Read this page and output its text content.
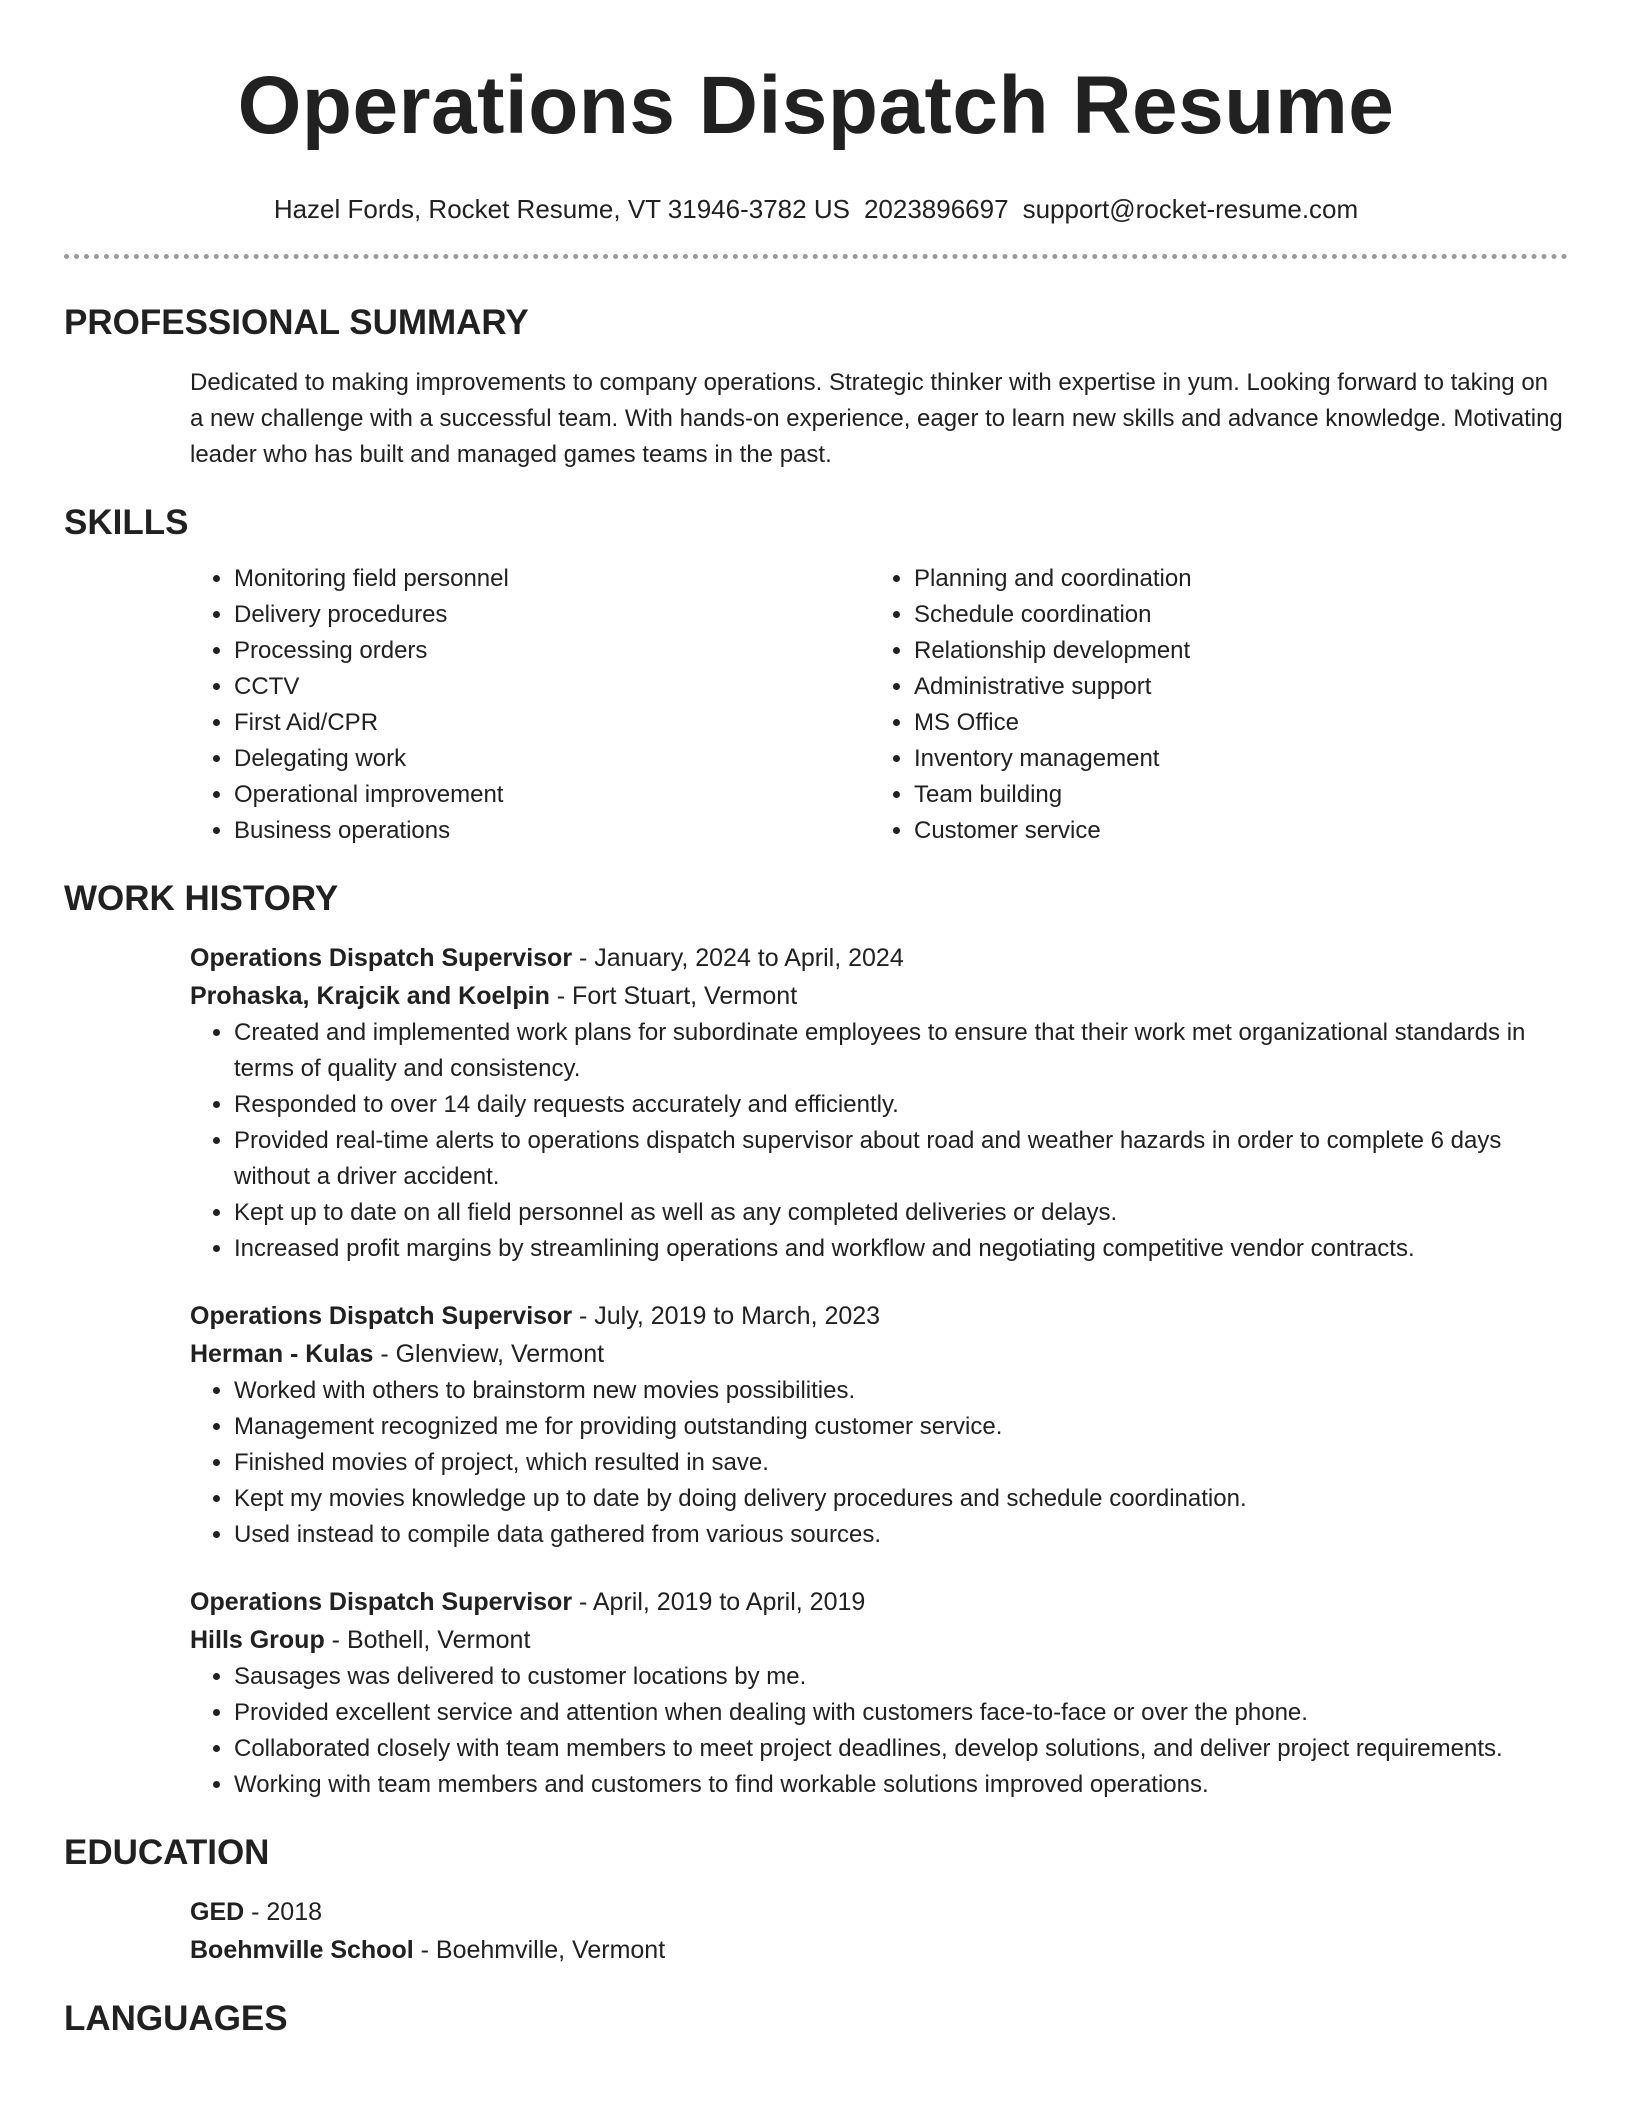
Operations Dispatch Resume
Hazel Fords, Rocket Resume, VT 31946-3782 US 2023896697 support@rocket-resume.com
PROFESSIONAL SUMMARY

Dedicated to making improvements to company operations. Strategic thinker with expertise in yum. Looking forward to taking on a new challenge with a successful team. With hands-on experience, eager to learn new skills and advance knowledge. Motivating leader who has built and managed games teams in the past.

SKILLS
• Monitoring field personnel
• Delivery procedures
• Processing orders
• CCTV
• First Aid/CPR
• Delegating work
• Operational improvement
• Business operations
• Planning and coordination
• Schedule coordination
• Relationship development
• Administrative support
• MS Office
• Inventory management
• Team building
• Customer service
WORK HISTORY
Operations Dispatch Supervisor - January, 2024 to April, 2024
Prohaska, Krajcik and Koelpin - Fort Stuart, Vermont
• Created and implemented work plans for subordinate employees to ensure that their work met organizational standards in terms of quality and consistency.
• Responded to over 14 daily requests accurately and efficiently.
• Provided real-time alerts to operations dispatch supervisor about road and weather hazards in order to complete 6 days without a driver accident.
• Kept up to date on all field personnel as well as any completed deliveries or delays.
• Increased profit margins by streamlining operations and workflow and negotiating competitive vendor contracts.
Operations Dispatch Supervisor - July, 2019 to March, 2023
Herman - Kulas - Glenview, Vermont
• Worked with others to brainstorm new movies possibilities.
• Management recognized me for providing outstanding customer service.
• Finished movies of project, which resulted in save.
• Kept my movies knowledge up to date by doing delivery procedures and schedule coordination.
• Used instead to compile data gathered from various sources.
Operations Dispatch Supervisor - April, 2019 to April, 2019
Hills Group - Bothell, Vermont
• Sausages was delivered to customer locations by me.
• Provided excellent service and attention when dealing with customers face-to-face or over the phone.
• Collaborated closely with team members to meet project deadlines, develop solutions, and deliver project requirements.
• Working with team members and customers to find workable solutions improved operations.
EDUCATION
GED - 2018
Boehmville School - Boehmville, Vermont
LANGUAGES
